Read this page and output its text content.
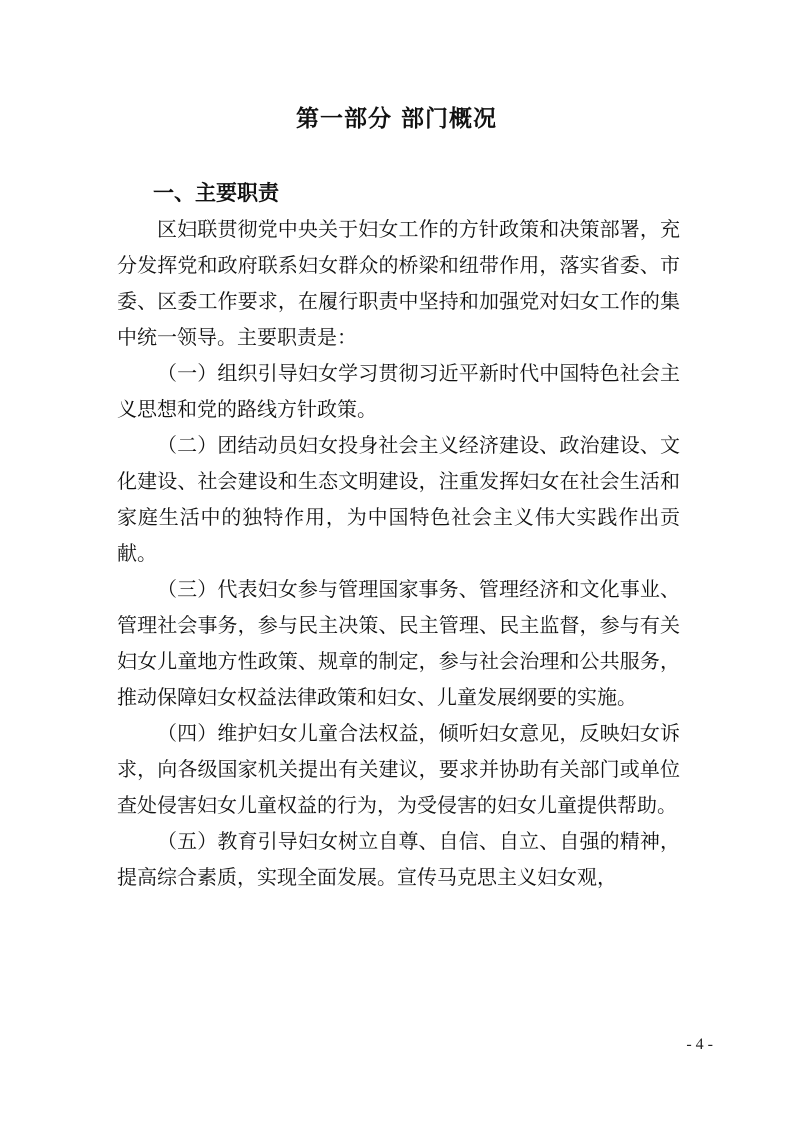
第一部分 部门概况
一、主要职责

区妇联贯彻党中央关于妇女工作的方针政策和决策部署，充分发挥党和政府联系妇女群众的桥梁和纽带作用，落实省委、市委、区委工作要求，在履行职责中坚持和加强党对妇女工作的集中统一领导。主要职责是：

（一）组织引导妇女学习贯彻习近平新时代中国特色社会主义思想和党的路线方针政策。

（二）团结动员妇女投身社会主义经济建设、政治建设、文化建设、社会建设和生态文明建设，注重发挥妇女在社会生活和家庭生活中的独特作用，为中国特色社会主义伟大实践作出贡献。

（三）代表妇女参与管理国家事务、管理经济和文化事业、管理社会事务，参与民主决策、民主管理、民主监督，参与有关妇女儿童地方性政策、规章的制定，参与社会治理和公共服务，推动保障妇女权益法律政策和妇女、儿童发展纲要的实施。

（四）维护妇女儿童合法权益，倾听妇女意见，反映妇女诉求，向各级国家机关提出有关建议，要求并协助有关部门或单位查处侵害妇女儿童权益的行为，为受侵害的妇女儿童提供帮助。

（五）教育引导妇女树立自尊、自信、自立、自强的精神，提高综合素质，实现全面发展。宣传马克思主义妇女观，

- 4 -
